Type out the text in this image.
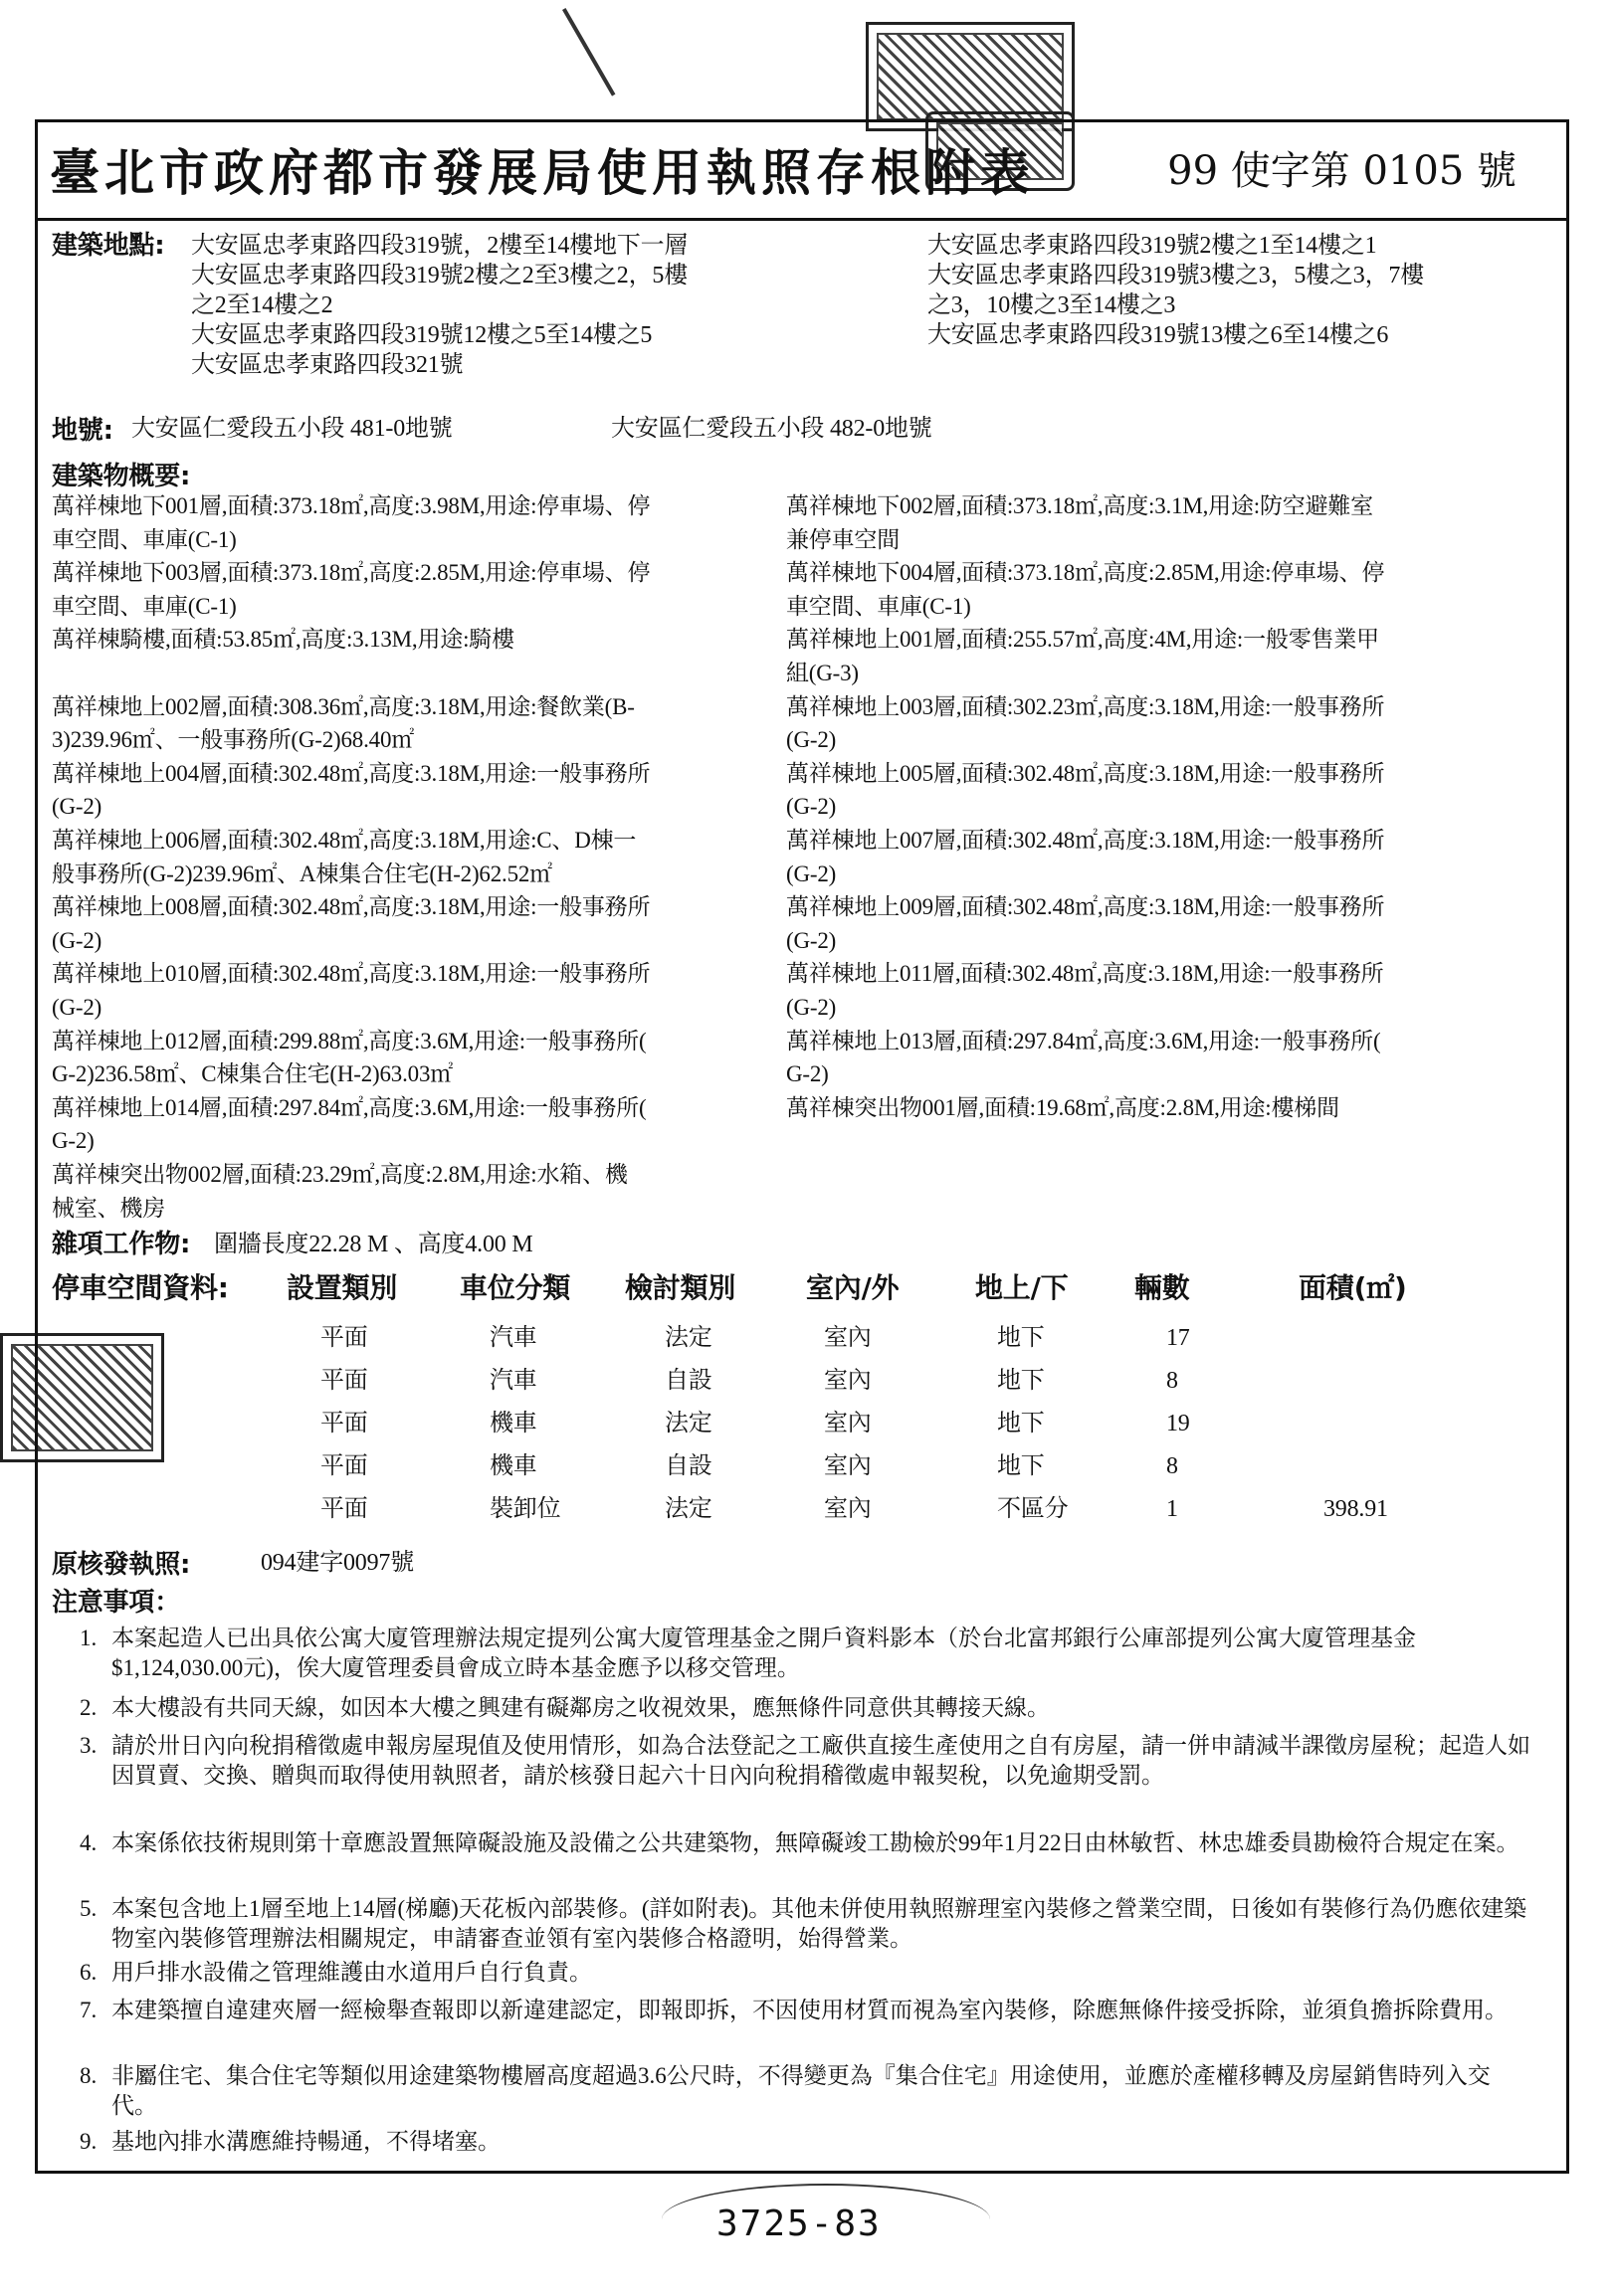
臺北市政府都市發展局使用執照存根附表	99 使字第 0105 號
建築地點: 大安區忠孝東路四段319號，2樓至14樓地下一層
大安區忠孝東路四段319號2樓之2至3樓之2，5樓
之2至14樓之2
大安區忠孝東路四段319號12樓之5至14樓之5
大安區忠孝東路四段321號
大安區忠孝東路四段319號2樓之1至14樓之1
大安區忠孝東路四段319號3樓之3，5樓之3，7樓
之3，10樓之3至14樓之3
大安區忠孝東路四段319號13樓之6至14樓之6
地號: 大安區仁愛段五小段 481-0地號	大安區仁愛段五小段 482-0地號
建築物概要:
萬祥棟地下001層,面積:373.18㎡,高度:3.98M,用途:停車場、停
車空間、車庫(C-1)
萬祥棟地下003層,面積:373.18㎡,高度:2.85M,用途:停車場、停
車空間、車庫(C-1)
萬祥棟騎樓,面積:53.85㎡,高度:3.13M,用途:騎樓
萬祥棟地上002層,面積:308.36㎡,高度:3.18M,用途:餐飲業(B-
3)239.96㎡、一般事務所(G-2)68.40㎡
萬祥棟地上004層,面積:302.48㎡,高度:3.18M,用途:一般事務所
(G-2)
萬祥棟地上006層,面積:302.48㎡,高度:3.18M,用途:C、D棟一
般事務所(G-2)239.96㎡、A棟集合住宅(H-2)62.52㎡
萬祥棟地上008層,面積:302.48㎡,高度:3.18M,用途:一般事務所
(G-2)
萬祥棟地上010層,面積:302.48㎡,高度:3.18M,用途:一般事務所
(G-2)
萬祥棟地上012層,面積:299.88㎡,高度:3.6M,用途:一般事務所(
G-2)236.58㎡、C棟集合住宅(H-2)63.03㎡
萬祥棟地上014層,面積:297.84㎡,高度:3.6M,用途:一般事務所(
G-2)
萬祥棟突出物002層,面積:23.29㎡,高度:2.8M,用途:水箱、機
械室、機房
萬祥棟地下002層,面積:373.18㎡,高度:3.1M,用途:防空避難室
兼停車空間
萬祥棟地下004層,面積:373.18㎡,高度:2.85M,用途:停車場、停
車空間、車庫(C-1)
萬祥棟地上001層,面積:255.57㎡,高度:4M,用途:一般零售業甲
組(G-3)
萬祥棟地上003層,面積:302.23㎡,高度:3.18M,用途:一般事務所
(G-2)
萬祥棟地上005層,面積:302.48㎡,高度:3.18M,用途:一般事務所
(G-2)
萬祥棟地上007層,面積:302.48㎡,高度:3.18M,用途:一般事務所
(G-2)
萬祥棟地上009層,面積:302.48㎡,高度:3.18M,用途:一般事務所
(G-2)
萬祥棟地上011層,面積:302.48㎡,高度:3.18M,用途:一般事務所
(G-2)
萬祥棟地上013層,面積:297.84㎡,高度:3.6M,用途:一般事務所(
G-2)
萬祥棟突出物001層,面積:19.68㎡,高度:2.8M,用途:樓梯間
雜項工作物: 圍牆長度22.28 M 、高度4.00 M
停車空間資料: 設置類別 車位分類 檢討類別	室內/外	地上/下 輛數	面積(㎡)
平面	汽車	法定	室內	地下	17
平面	汽車	自設	室內	地下	8
平面	機車	法定	室內	地下	19
平面	機車	自設	室內	地下	8
平面	裝卸位	法定	室內	不區分	1	398.91
原核發執照:	094建字0097號
注意事項：
1. 本案起造人已出具依公寓大廈管理辦法規定提列公寓大廈管理基金之開戶資料影本（於台北富邦銀行公庫部提列公寓大廈管理基金$1,124,030.00元)，俟大廈管理委員會成立時本基金應予以移交管理。
2. 本大樓設有共同天線，如因本大樓之興建有礙鄰房之收視效果，應無條件同意供其轉接天線。
3. 請於卅日內向稅捐稽徵處申報房屋現值及使用情形，如為合法登記之工廠供直接生產使用之自有房屋，請一併申請減半課徵房屋稅；起造人如因買賣、交換、贈與而取得使用執照者，請於核發日起六十日內向稅捐稽徵處申報契稅，以免逾期受罰。
4. 本案係依技術規則第十章應設置無障礙設施及設備之公共建築物，無障礙竣工勘檢於99年1月22日由林敏哲、林忠雄委員勘檢符合規定在案。
5. 本案包含地上1層至地上14層(梯廳)天花板內部裝修。(詳如附表)。其他未併使用執照辦理室內裝修之營業空間，日後如有裝修行為仍應依建築物室內裝修管理辦法相關規定，申請審查並領有室內裝修合格證明，始得營業。
6. 用戶排水設備之管理維護由水道用戶自行負責。
7. 本建築擅自違建夾層一經檢舉查報即以新違建認定，即報即拆，不因使用材質而視為室內裝修，除應無條件接受拆除，並須負擔拆除費用。
8. 非屬住宅、集合住宅等類似用途建築物樓層高度超過3.6公尺時，不得變更為『集合住宅』用途使用，並應於產權移轉及房屋銷售時列入交代。
9. 基地內排水溝應維持暢通，不得堵塞。
3725-83
